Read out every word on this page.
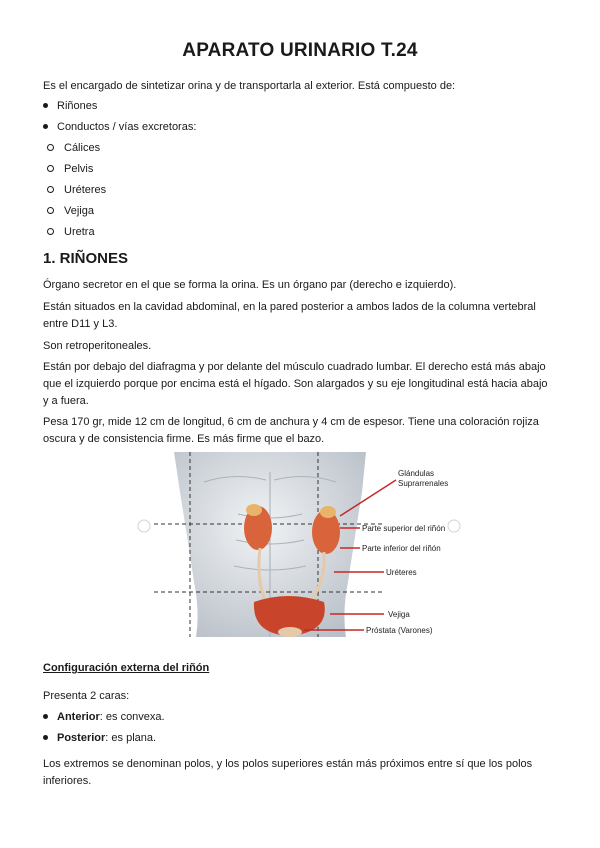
APARATO URINARIO T.24

Es el encargado de sintetizar orina y de transportarla al exterior. Está compuesto de:

Riñones
Conductos / vías excretoras:
Cálices
Pelvis
Uréteres
Vejiga
Uretra
1. RIÑONES

Órgano secretor en el que se forma la orina. Es un órgano par (derecho e izquierdo).

Están situados en la cavidad abdominal, en la pared posterior a ambos lados de la columna vertebral entre D11 y L3.

Son retroperitoneales.

Están por debajo del diafragma y por delante del músculo cuadrado lumbar. El derecho está más abajo que el izquierdo porque por encima está el hígado. Son alargados y su eje longitudinal está hacia abajo y a fuera.

Pesa 170 gr, mide 12 cm de longitud, 6 cm de anchura y 4 cm de espesor. Tiene una coloración rojiza oscura y de consistencia firme. Es más firme que el bazo.

Glándulas Suprarrenales
Parte superior del riñón
Parte inferior del riñón
Uréteres
Vejiga
Próstata (Varones)
Configuración externa del riñón

Presenta 2 caras:

Anterior: es convexa.
Posterior: es plana.

Los extremos se denominan polos, y los polos superiores están más próximos entre sí que los polos inferiores.
